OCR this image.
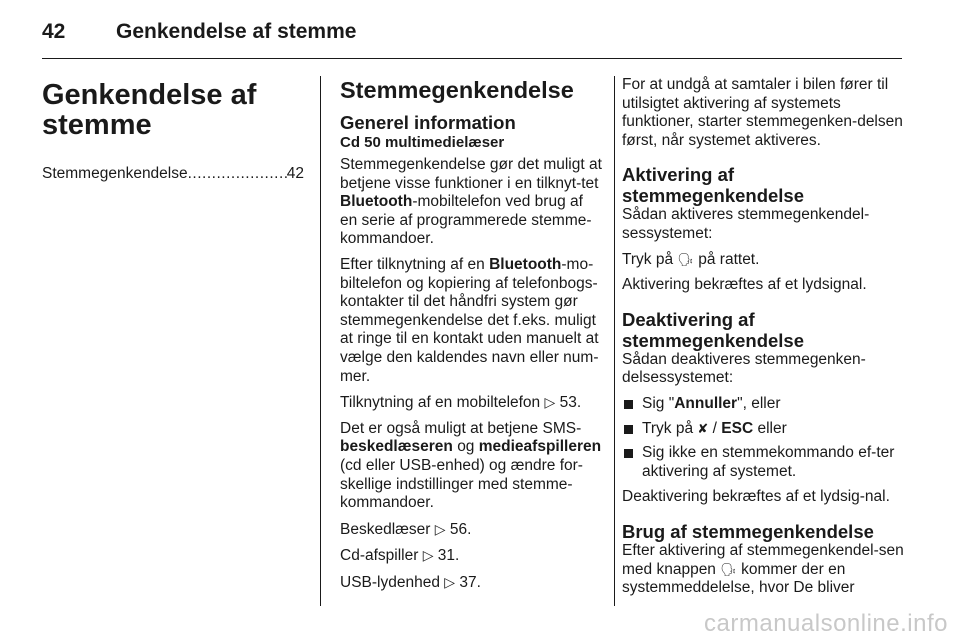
42 Genkendelse af stemme
Genkendelse af
stemme
Stemmegenkendelse
.....	42
Stemmegenkendelse
Generel information
Cd 50 multimedielæser

Stemmegenkendelse gør det muligt at betjene visse funktioner i en tilknyt-tet Bluetooth-mobiltelefon ved brug af en serie af programmerede stemme-kommandoer.

Efter tilknytning af en Bluetooth-mo-biltelefon og kopiering af telefonbogs-kontakter til det håndfri system gør stemmegenkendelse det f.eks. muligt at ringe til en kontakt uden manuelt at vælge den kaldendes navn eller num-mer.

Tilknytning af en mobiltelefon ▷ 53.

Det er også muligt at betjene SMS-
beskedlæseren og medieafspilleren (cd eller USB-enhed) og ændre for-skellige indstillinger med stemme-kommandoer.

Beskedlæser ▷ 56.

Cd-afspiller ▷ 31.

USB-lydenhed ▷ 37.

For at undgå at samtaler i bilen fører til utilsigtet aktivering af systemets funktioner, starter stemmegenken-delsen først, når systemet aktiveres.

Aktivering af
stemmegenkendelse

Sådan aktiveres stemmegenkendel-sessystemet:

Tryk på 🗣︎ på rattet.

Aktivering bekræftes af et lydsignal.

Deaktivering af
stemmegenkendelse

Sådan deaktiveres stemmegenken-delsessystemet:

Sig "Annuller", eller
Tryk på ✘ / ESC eller
Sig ikke en stemmekommando ef-ter aktivering af systemet.

Deaktivering bekræftes af et lydsig-nal.

Brug af stemmegenkendelse

Efter aktivering af stemmegenkendel-sen med knappen 🗣︎ kommer der en systemmeddelelse, hvor De bliver

carmanualsonline.info
